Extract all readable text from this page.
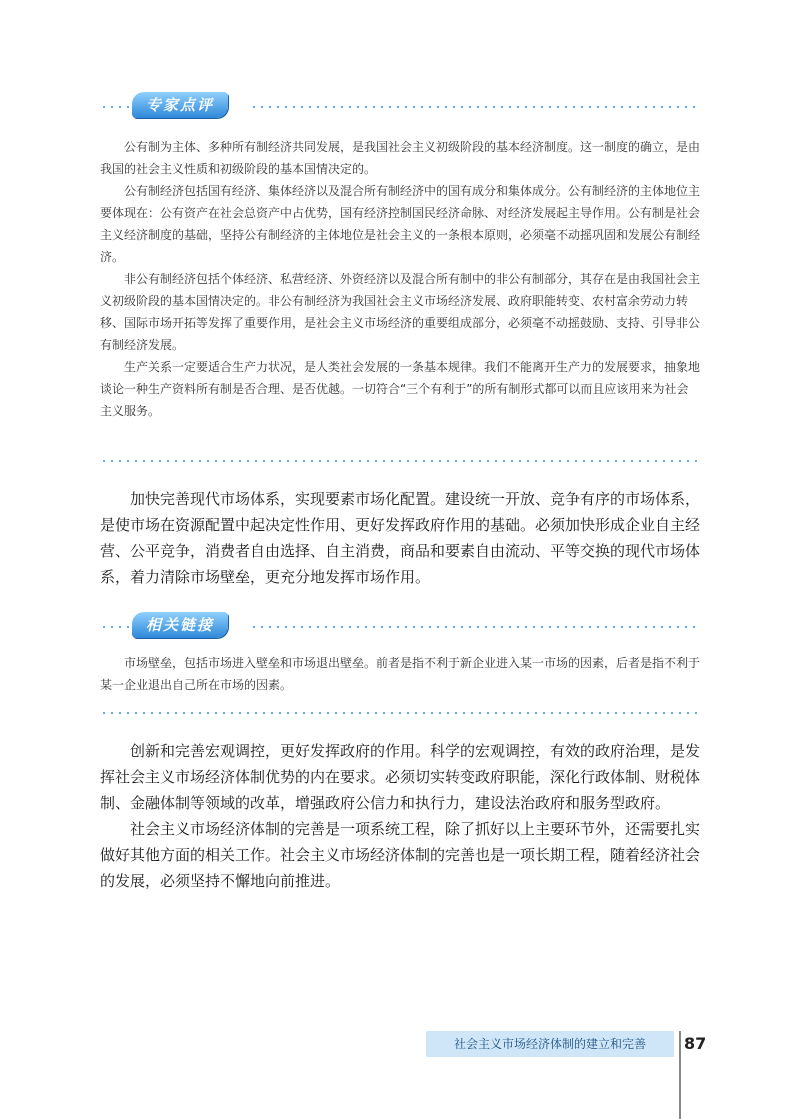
专家点评

公有制为主体、多种所有制经济共同发展，是我国社会主义初级阶段的基本经济制度。这一制度的确立，是由我国的社会主义性质和初级阶段的基本国情决定的。

公有制经济包括国有经济、集体经济以及混合所有制经济中的国有成分和集体成分。公有制经济的主体地位主要体现在：公有资产在社会总资产中占优势，国有经济控制国民经济命脉、对经济发展起主导作用。公有制是社会主义经济制度的基础，坚持公有制经济的主体地位是社会主义的一条根本原则，必须毫不动摇巩固和发展公有制经济。

非公有制经济包括个体经济、私营经济、外资经济以及混合所有制中的非公有制部分，其存在是由我国社会主义初级阶段的基本国情决定的。非公有制经济为我国社会主义市场经济发展、政府职能转变、农村富余劳动力转移、国际市场开拓等发挥了重要作用，是社会主义市场经济的重要组成部分，必须毫不动摇鼓励、支持、引导非公有制经济发展。

生产关系一定要适合生产力状况，是人类社会发展的一条基本规律。我们不能离开生产力的发展要求，抽象地谈论一种生产资料所有制是否合理、是否优越。一切符合“三个有利于”的所有制形式都可以而且应该用来为社会主义服务。

加快完善现代市场体系，实现要素市场化配置。建设统一开放、竞争有序的市场体系，是使市场在资源配置中起决定性作用、更好发挥政府作用的基础。必须加快形成企业自主经营、公平竞争，消费者自由选择、自主消费，商品和要素自由流动、平等交换的现代市场体系，着力清除市场壁垒，更充分地发挥市场作用。

相关链接

市场壁垒，包括市场进入壁垒和市场退出壁垒。前者是指不利于新企业进入某一市场的因素，后者是指不利于某一企业退出自己所在市场的因素。

创新和完善宏观调控，更好发挥政府的作用。科学的宏观调控，有效的政府治理，是发挥社会主义市场经济体制优势的内在要求。必须切实转变政府职能，深化行政体制、财税体制、金融体制等领域的改革，增强政府公信力和执行力，建设法治政府和服务型政府。

社会主义市场经济体制的完善是一项系统工程，除了抓好以上主要环节外，还需要扎实做好其他方面的相关工作。社会主义市场经济体制的完善也是一项长期工程，随着经济社会的发展，必须坚持不懈地向前推进。

社会主义市场经济体制的建立和完善	87
